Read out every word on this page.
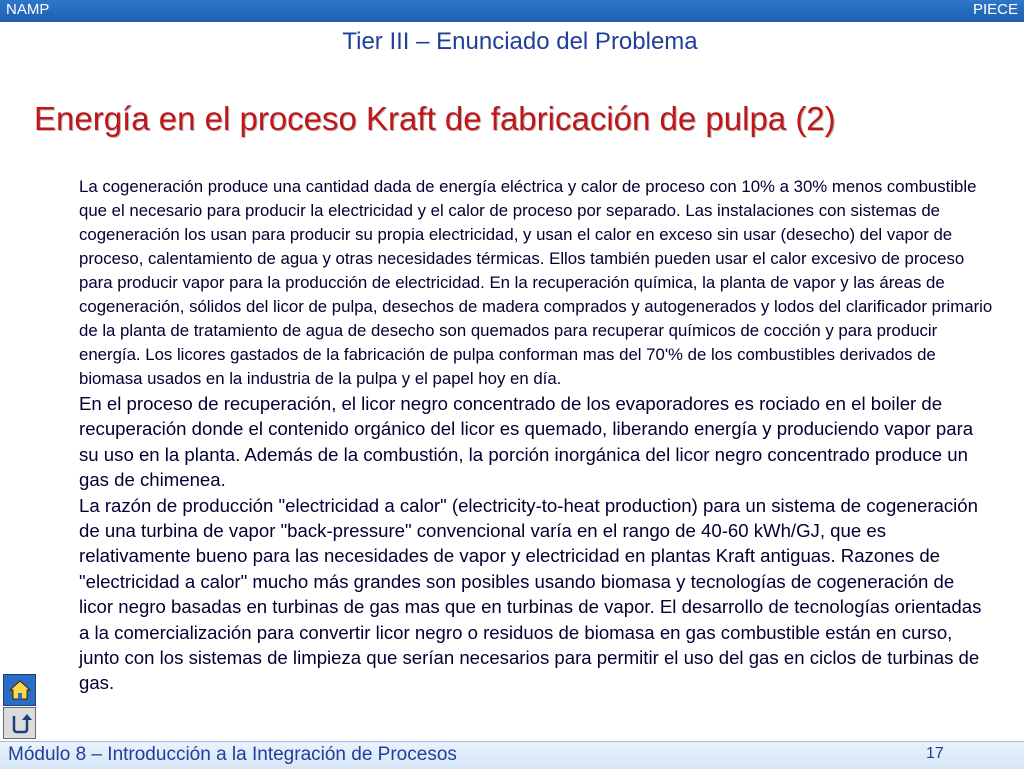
NAMP	PIECE
Tier III – Enunciado del Problema
Energía en el proceso Kraft de fabricación de pulpa (2)

La cogeneración produce una cantidad dada de energía eléctrica y calor de proceso con 10% a 30% menos combustible que el necesario para producir la electricidad y el calor de proceso por separado. Las instalaciones con sistemas de cogeneración los usan para producir su propia electricidad, y usan el calor en exceso sin usar (desecho) del vapor de proceso, calentamiento de agua y otras necesidades térmicas. Ellos también pueden usar el calor excesivo de proceso para producir vapor para la producción de electricidad. En la recuperación química, la planta de vapor y las áreas de cogeneración, sólidos del licor de pulpa, desechos de madera comprados y autogenerados y lodos del clarificador primario de la planta de tratamiento de agua de desecho son quemados para recuperar químicos de cocción y para producir energía. Los licores gastados de la fabricación de pulpa conforman mas del 70'% de los combustibles derivados de biomasa usados en la industria de la pulpa y el papel hoy en día.

En el proceso de recuperación, el licor negro concentrado de los evaporadores es rociado en el boiler de recuperación donde el contenido orgánico del licor es quemado, liberando energía y produciendo vapor para su uso en la planta. Además de la combustión, la porción inorgánica del licor negro concentrado produce un gas de chimenea.

La razón de producción "electricidad a calor" (electricity-to-heat production) para un sistema de cogeneración de una turbina de vapor "back-pressure" convencional varía en el rango de 40-60 kWh/GJ, que es relativamente bueno para las necesidades de vapor y electricidad en plantas Kraft antiguas. Razones de "electricidad a calor" mucho más grandes son posibles usando biomasa y tecnologías de cogeneración de licor negro basadas en turbinas de gas mas que en turbinas de vapor. El desarrollo de tecnologías orientadas a la comercialización para convertir licor negro o residuos de biomasa en gas combustible están en curso, junto con los sistemas de limpieza que serían necesarios para permitir el uso del gas en ciclos de turbinas de gas.

Módulo 8 – Introducción a la Integración de Procesos	17
